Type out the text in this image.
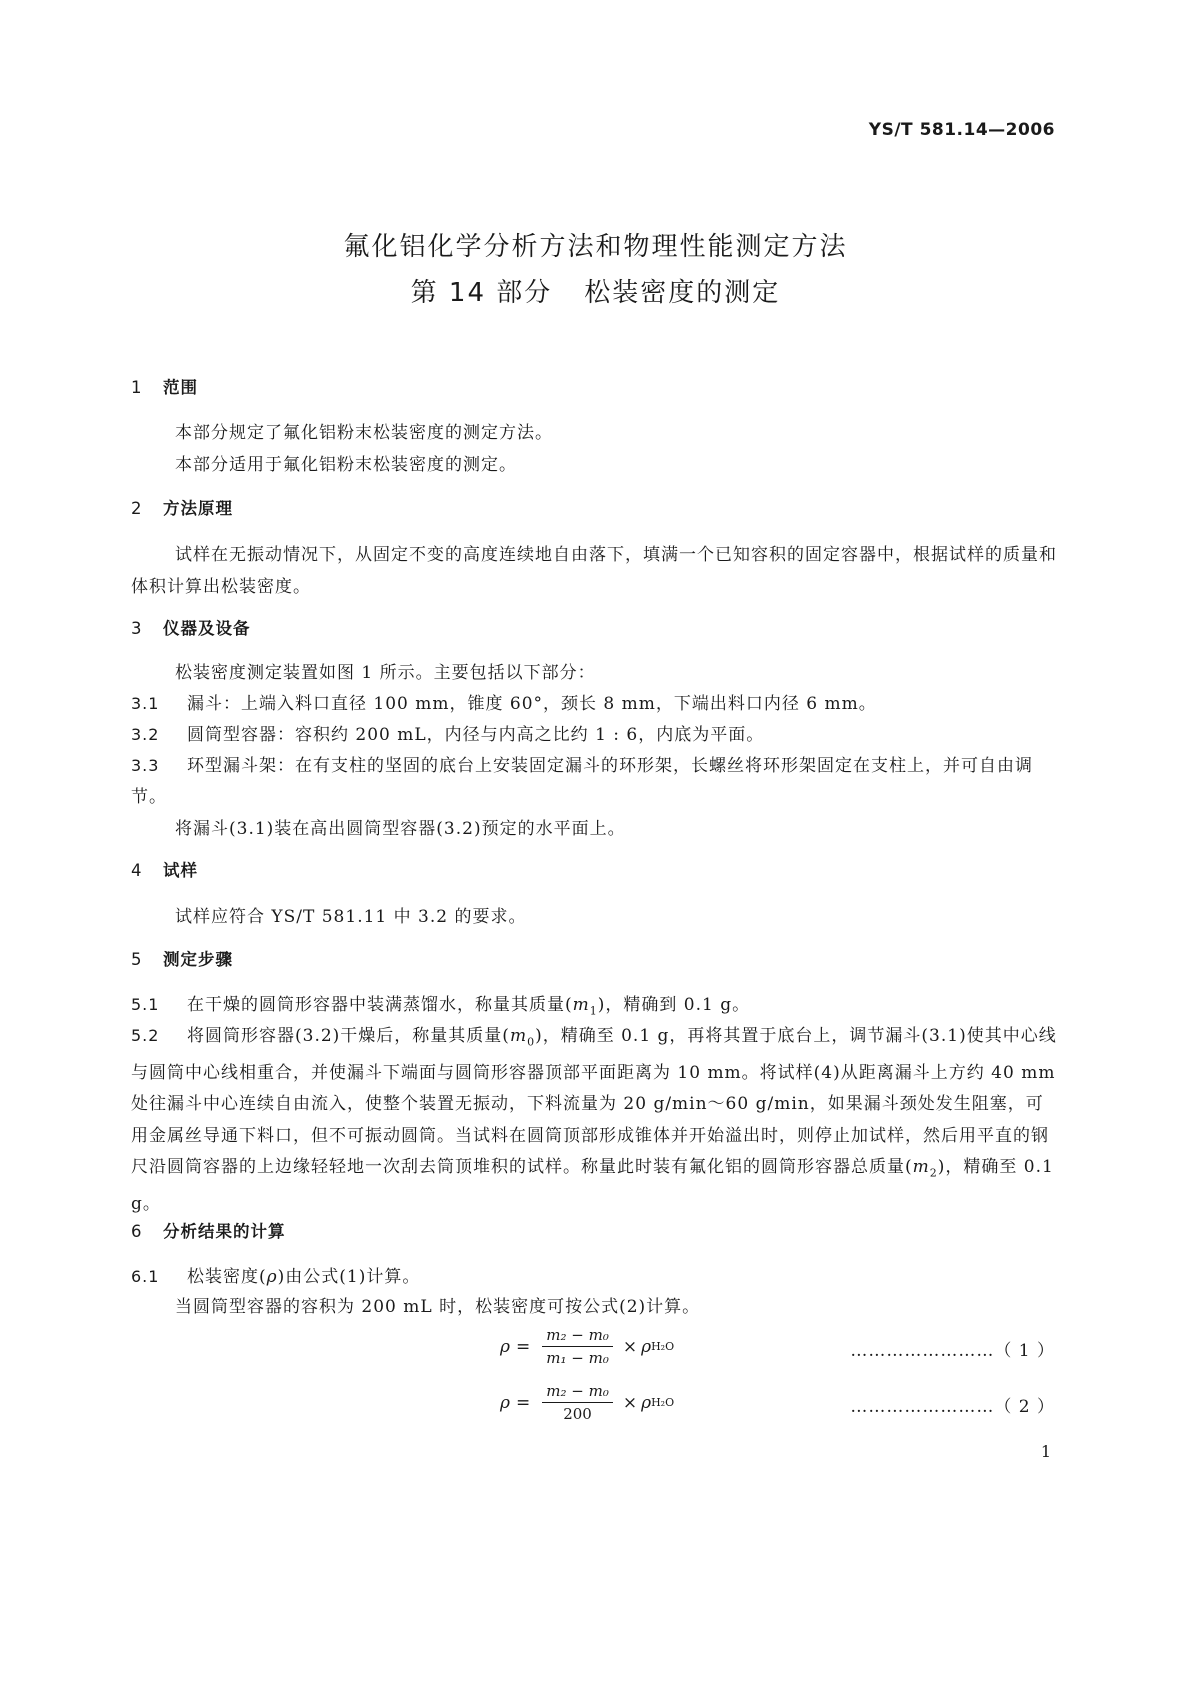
YS/T 581.14—2006
氟化铝化学分析方法和物理性能测定方法
第 14 部分 松装密度的测定
1 范围
本部分规定了氟化铝粉末松装密度的测定方法。
本部分适用于氟化铝粉末松装密度的测定。
2 方法原理
试样在无振动情况下，从固定不变的高度连续地自由落下，填满一个已知容积的固定容器中，根据试样的质量和体积计算出松装密度。
3 仪器及设备
松装密度测定装置如图 1 所示。主要包括以下部分：
3.1 漏斗：上端入料口直径 100 mm，锥度 60°，颈长 8 mm，下端出料口内径 6 mm。
3.2 圆筒型容器：容积约 200 mL，内径与内高之比约 1 : 6，内底为平面。
3.3 环型漏斗架：在有支柱的坚固的底台上安装固定漏斗的环形架，长螺丝将环形架固定在支柱上，并可自由调节。
将漏斗(3.1)装在高出圆筒型容器(3.2)预定的水平面上。
4 试样
试样应符合 YS/T 581.11 中 3.2 的要求。
5 测定步骤
5.1 在干燥的圆筒形容器中装满蒸馏水，称量其质量$(m_1)$，精确到 0.1 g。
5.2 将圆筒形容器(3.2)干燥后，称量其质量$(m_0)$，精确至 0.1 g，再将其置于底台上，调节漏斗(3.1)使其中心线与圆筒中心线相重合，并使漏斗下端面与圆筒形容器顶部平面距离为 10 mm。将试样(4)从距离漏斗上方约 40 mm 处往漏斗中心连续自由流入，使整个装置无振动，下料流量为 20 g/min～60 g/min，如果漏斗颈处发生阻塞，可用金属丝导通下料口，但不可振动圆筒。当试料在圆筒顶部形成锥体并开始溢出时，则停止加试样，然后用平直的钢尺沿圆筒容器的上边缘轻轻地一次刮去筒顶堆积的试样。称量此时装有氟化铝的圆筒形容器总质量$(m_2)$，精确至 0.1 g。
6 分析结果的计算
6.1 松装密度(ρ)由公式(1)计算。
当圆筒型容器的容积为 200 mL 时，松装密度可按公式(2)计算。
$\rho = \frac{\text{m₂ − m₀}}{\text{m₁ − m₀}} \times \rho$ H₂O	……………………（ 1 ）
$\rho = \frac{\text{m₂ − m₀}}{200} \times \rho$ H₂O	……………………（ 2 ）
1
